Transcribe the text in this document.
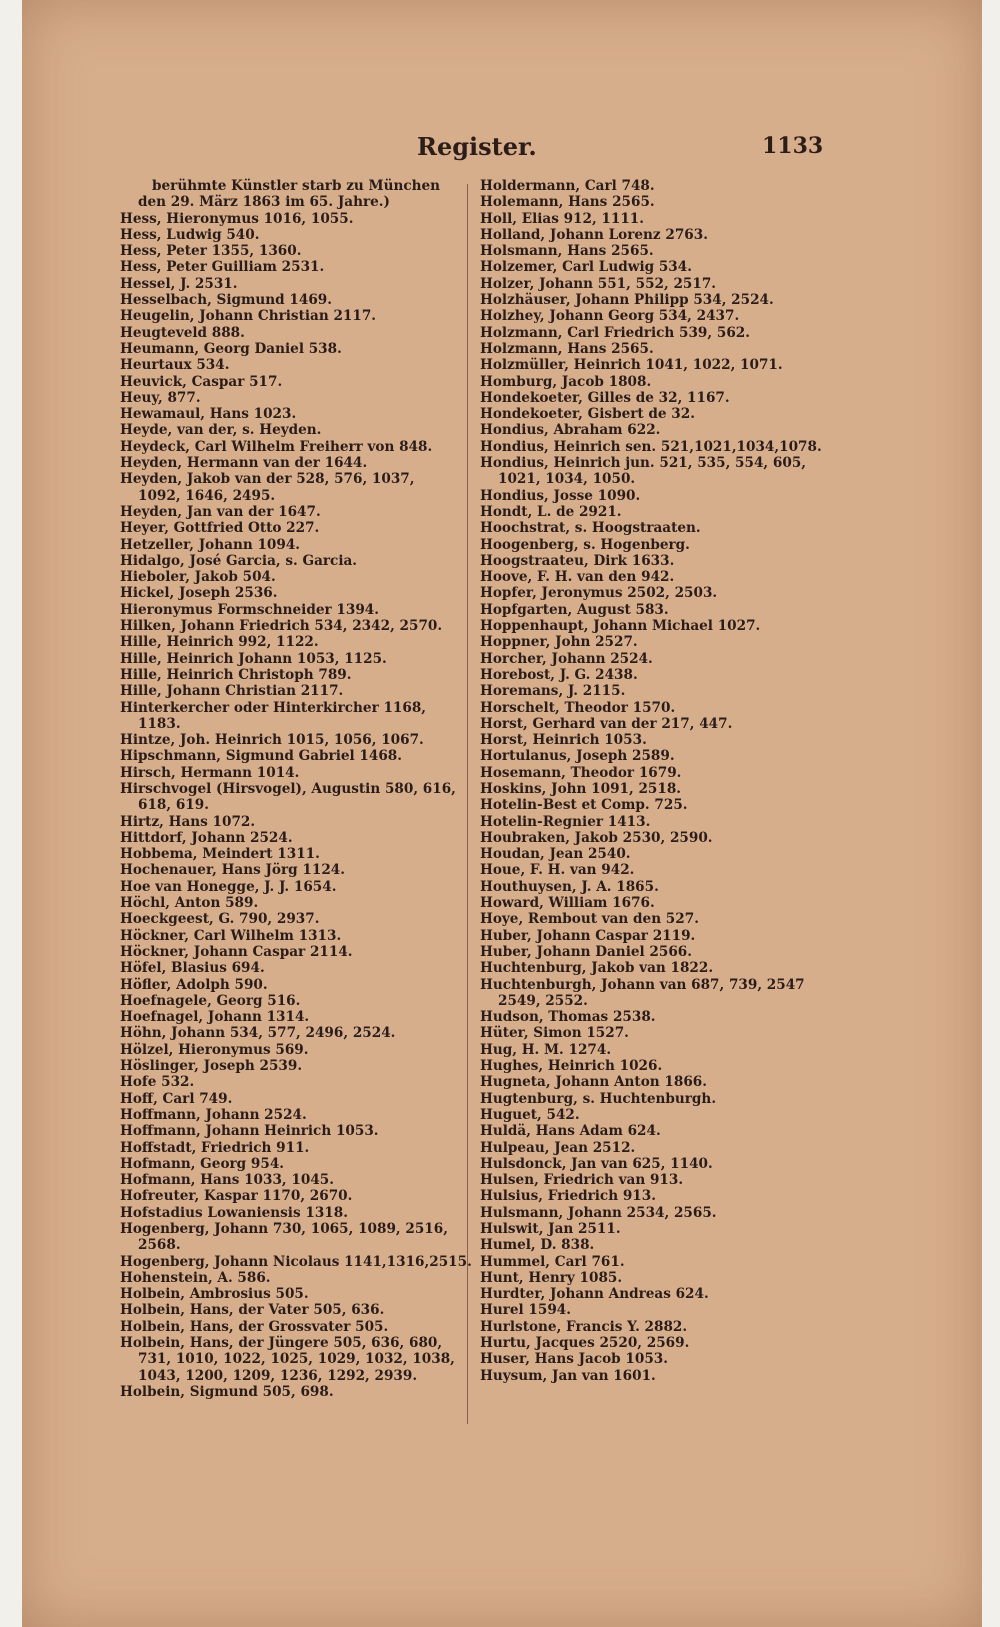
Register.	1133
berühmte Künstler starb zu München
den 29. März 1863 im 65. Jahre.)
Hess, Hieronymus 1016, 1055.
Hess, Ludwig 540.
Hess, Peter 1355, 1360.
Hess, Peter Guilliam 2531.
Hessel, J. 2531.
Hesselbach, Sigmund 1469.
Heugelin, Johann Christian 2117.
Heugteveld 888.
Heumann, Georg Daniel 538.
Heurtaux 534.
Heuvick, Caspar 517.
Heuy, 877.
Hewamaul, Hans 1023.
Heyde, van der, s. Heyden.
Heydeck, Carl Wilhelm Freiherr von 848.
Heyden, Hermann van der 1644.
Heyden, Jakob van der 528, 576, 1037,
1092, 1646, 2495.
Heyden, Jan van der 1647.
Heyer, Gottfried Otto 227.
Hetzeller, Johann 1094.
Hidalgo, José Garcia, s. Garcia.
Hieboler, Jakob 504.
Hickel, Joseph 2536.
Hieronymus Formschneider 1394.
Hilken, Johann Friedrich 534, 2342, 2570.
Hille, Heinrich 992, 1122.
Hille, Heinrich Johann 1053, 1125.
Hille, Heinrich Christoph 789.
Hille, Johann Christian 2117.
Hinterkercher oder Hinterkircher 1168,
1183.
Hintze, Joh. Heinrich 1015, 1056, 1067.
Hipschmann, Sigmund Gabriel 1468.
Hirsch, Hermann 1014.
Hirschvogel (Hirsvogel), Augustin 580, 616,
618, 619.
Hirtz, Hans 1072.
Hittdorf, Johann 2524.
Hobbema, Meindert 1311.
Hochenauer, Hans Jörg 1124.
Hoe van Honegge, J. J. 1654.
Höchl, Anton 589.
Hoeckgeest, G. 790, 2937.
Höckner, Carl Wilhelm 1313.
Höckner, Johann Caspar 2114.
Höfel, Blasius 694.
Höfler, Adolph 590.
Hoefnagele, Georg 516.
Hoefnagel, Johann 1314.
Höhn, Johann 534, 577, 2496, 2524.
Hölzel, Hieronymus 569.
Höslinger, Joseph 2539.
Hofe 532.
Hoff, Carl 749.
Hoffmann, Johann 2524.
Hoffmann, Johann Heinrich 1053.
Hoffstadt, Friedrich 911.
Hofmann, Georg 954.
Hofmann, Hans 1033, 1045.
Hofreuter, Kaspar 1170, 2670.
Hofstadius Lowaniensis 1318.
Hogenberg, Johann 730, 1065, 1089, 2516,
2568.
Hogenberg, Johann Nicolaus 1141,1316,2515.
Hohenstein, A. 586.
Holbein, Ambrosius 505.
Holbein, Hans, der Vater 505, 636.
Holbein, Hans, der Grossvater 505.
Holbein, Hans, der Jüngere 505, 636, 680,
731, 1010, 1022, 1025, 1029, 1032, 1038,
1043, 1200, 1209, 1236, 1292, 2939.
Holbein, Sigmund 505, 698.
Holdermann, Carl 748.
Holemann, Hans 2565.
Holl, Elias 912, 1111.
Holland, Johann Lorenz 2763.
Holsmann, Hans 2565.
Holzemer, Carl Ludwig 534.
Holzer, Johann 551, 552, 2517.
Holzhäuser, Johann Philipp 534, 2524.
Holzhey, Johann Georg 534, 2437.
Holzmann, Carl Friedrich 539, 562.
Holzmann, Hans 2565.
Holzmüller, Heinrich 1041, 1022, 1071.
Homburg, Jacob 1808.
Hondekoeter, Gilles de 32, 1167.
Hondekoeter, Gisbert de 32.
Hondius, Abraham 622.
Hondius, Heinrich sen. 521,1021,1034,1078.
Hondius, Heinrich jun. 521, 535, 554, 605,
1021, 1034, 1050.
Hondius, Josse 1090.
Hondt, L. de 2921.
Hoochstrat, s. Hoogstraaten.
Hoogenberg, s. Hogenberg.
Hoogstraateu, Dirk 1633.
Hoove, F. H. van den 942.
Hopfer, Jeronymus 2502, 2503.
Hopfgarten, August 583.
Hoppenhaupt, Johann Michael 1027.
Hoppner, John 2527.
Horcher, Johann 2524.
Horebost, J. G. 2438.
Horemans, J. 2115.
Horschelt, Theodor 1570.
Horst, Gerhard van der 217, 447.
Horst, Heinrich 1053.
Hortulanus, Joseph 2589.
Hosemann, Theodor 1679.
Hoskins, John 1091, 2518.
Hotelin-Best et Comp. 725.
Hotelin-Regnier 1413.
Houbraken, Jakob 2530, 2590.
Houdan, Jean 2540.
Houe, F. H. van 942.
Houthuysen, J. A. 1865.
Howard, William 1676.
Hoye, Rembout van den 527.
Huber, Johann Caspar 2119.
Huber, Johann Daniel 2566.
Huchtenburg, Jakob van 1822.
Huchtenburgh, Johann van 687, 739, 2547
2549, 2552.
Hudson, Thomas 2538.
Hüter, Simon 1527.
Hug, H. M. 1274.
Hughes, Heinrich 1026.
Hugneta, Johann Anton 1866.
Hugtenburg, s. Huchtenburgh.
Huguet, 542.
Huldä, Hans Adam 624.
Hulpeau, Jean 2512.
Hulsdonck, Jan van 625, 1140.
Hulsen, Friedrich van 913.
Hulsius, Friedrich 913.
Hulsmann, Johann 2534, 2565.
Hulswit, Jan 2511.
Humel, D. 838.
Hummel, Carl 761.
Hunt, Henry 1085.
Hurdter, Johann Andreas 624.
Hurel 1594.
Hurlstone, Francis Y. 2882.
Hurtu, Jacques 2520, 2569.
Huser, Hans Jacob 1053.
Huysum, Jan van 1601.
